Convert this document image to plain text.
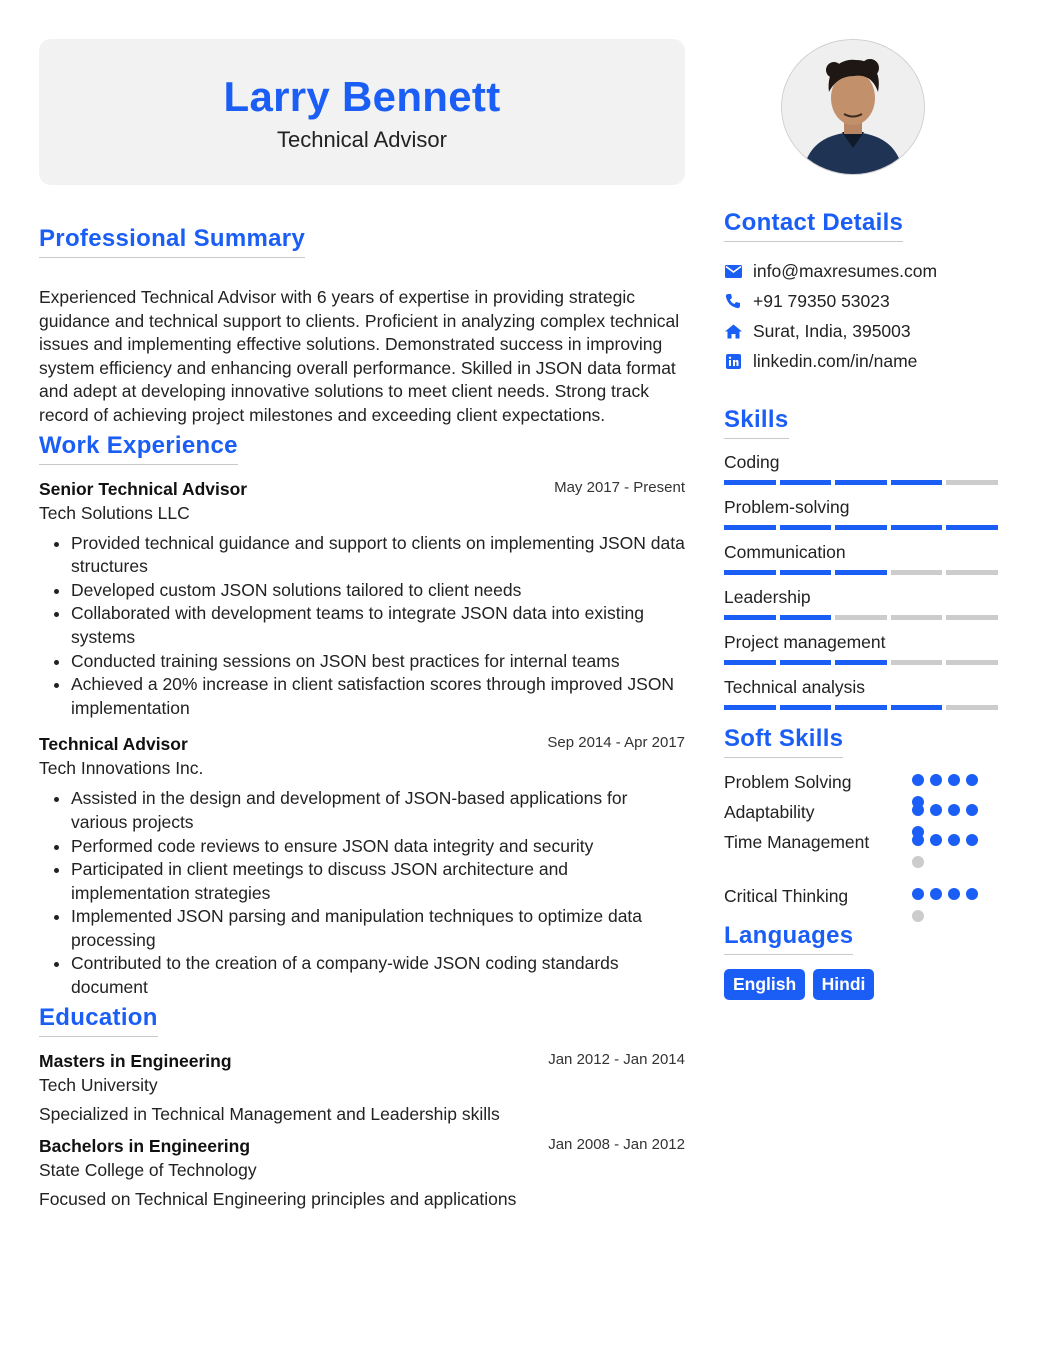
Larry Bennett
Technical Advisor
Professional Summary
Experienced Technical Advisor with 6 years of expertise in providing strategic guidance and technical support to clients. Proficient in analyzing complex technical issues and implementing effective solutions. Demonstrated success in improving system efficiency and enhancing overall performance. Skilled in JSON data format and adept at developing innovative solutions to meet client needs. Strong track record of achieving project milestones and exceeding client expectations.
Work Experience
Senior Technical Advisor	May 2017 - Present
Tech Solutions LLC
• Provided technical guidance and support to clients on implementing JSON data structures
• Developed custom JSON solutions tailored to client needs
• Collaborated with development teams to integrate JSON data into existing systems
• Conducted training sessions on JSON best practices for internal teams
• Achieved a 20% increase in client satisfaction scores through improved JSON implementation
Technical Advisor	Sep 2014 - Apr 2017
Tech Innovations Inc.
• Assisted in the design and development of JSON-based applications for various projects
• Performed code reviews to ensure JSON data integrity and security
• Participated in client meetings to discuss JSON architecture and implementation strategies
• Implemented JSON parsing and manipulation techniques to optimize data processing
• Contributed to the creation of a company-wide JSON coding standards document
Education
Masters in Engineering	Jan 2012 - Jan 2014
Tech University
Specialized in Technical Management and Leadership skills
Bachelors in Engineering	Jan 2008 - Jan 2012
State College of Technology
Focused on Technical Engineering principles and applications
Contact Details
info@maxresumes.com
+91 79350 53023
Surat, India, 395003
linkedin.com/in/name
Skills
Coding
Problem-solving
Communication
Leadership
Project management
Technical analysis
Soft Skills
Problem Solving
Adaptability
Time Management
Critical Thinking
Languages
English Hindi
